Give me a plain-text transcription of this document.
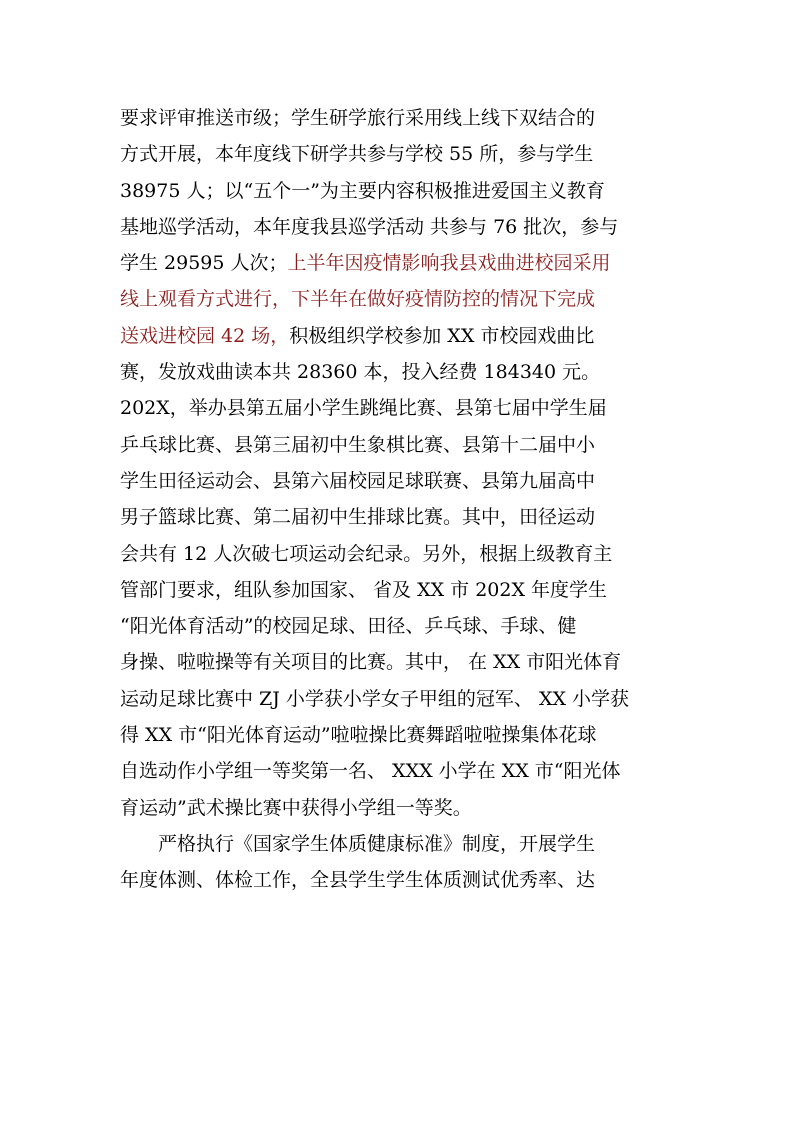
要求评审推送市级；学生研学旅行采用线上线下双结合的
方式开展，本年度线下研学共参与学校 55 所，参与学生
38975 人；以“五个一”为主要内容积极推进爱国主义教育
基地巡学活动，本年度我县巡学活动 共参与 76 批次，参与
学生 29595 人次；上半年因疫情影响我县戏曲进校园采用
线上观看方式进行，下半年在做好疫情防控的情况下完成
送戏进校园 42 场，积极组织学校参加 XX 市校园戏曲比
赛，发放戏曲读本共 28360 本，投入经费 184340 元。
202X，举办县第五届小学生跳绳比赛、县第七届中学生届
乒乓球比赛、县第三届初中生象棋比赛、县第十二届中小
学生田径运动会、县第六届校园足球联赛、县第九届高中
男子篮球比赛、第二届初中生排球比赛。其中，田径运动
会共有 12 人次破七项运动会纪录。另外，根据上级教育主
管部门要求，组队参加国家、 省及 XX 市 202X 年度学生
“阳光体育活动”的校园足球、田径、乒乓球、手球、健
身操、啦啦操等有关项目的比赛。其中， 在 XX 市阳光体育
运动足球比赛中 ZJ 小学获小学女子甲组的冠军、 XX 小学获
得 XX 市“阳光体育运动”啦啦操比赛舞蹈啦啦操集体花球
自选动作小学组一等奖第一名、 XXX 小学在 XX 市“阳光体
育运动”武术操比赛中获得小学组一等奖。
严格执行《国家学生体质健康标准》制度，开展学生
年度体测、体检工作，全县学生学生体质测试优秀率、达
